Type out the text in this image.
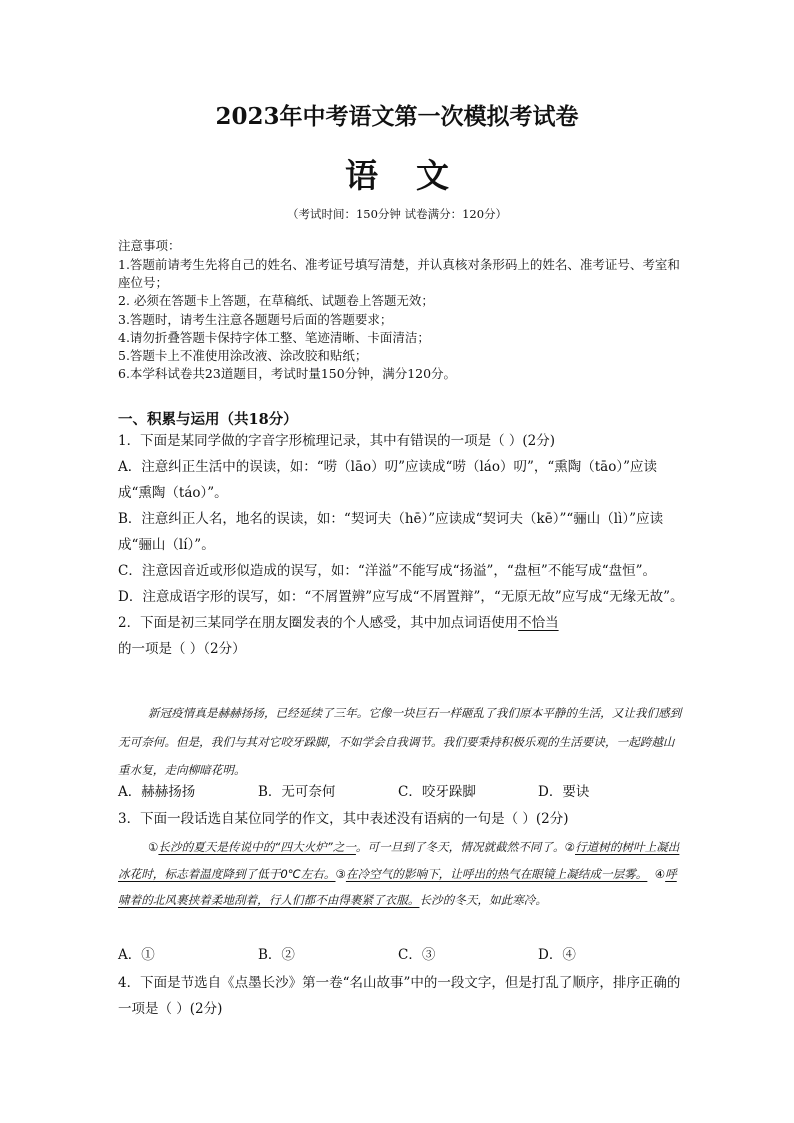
2023年中考语文第一次模拟考试卷
语文
（考试时间：150分钟 试卷满分：120分）
注意事项：
1.答题前请考生先将自己的姓名、准考证号填写清楚，并认真核对条形码上的姓名、准考证号、考室和座位号；
2. 必须在答题卡上答题，在草稿纸、试题卷上答题无效；
3.答题时，请考生注意各题题号后面的答题要求；
4.请勿折叠答题卡保持字体工整、笔迹清晰、卡面清洁；
5.答题卡上不准使用涂改液、涂改胶和贴纸；
6.本学科试卷共23道题目，考试时量150分钟，满分120分。
一、积累与运用（共18分）
1．下面是某同学做的字音字形梳理记录，其中有错误的一项是（ ）(2分)
A．注意纠正生活中的误读，如：“唠（lāo）叨”应读成“唠（láo）叨”，“熏陶（tāo）”应读成“熏陶（táo）”。
B．注意纠正人名，地名的误读，如：“契诃夫（hē）”应读成“契诃夫（kē）”“骊山（lì）”应读成“骊山（lí）”。
C．注意因音近或形似造成的误写，如：“洋溢”不能写成“扬溢”，“盘桓”不能写成“盘恒”。
D．注意成语字形的误写，如：“不屑置辨”应写成“不屑置辩”，“无原无故”应写成“无缘无故”。
2．下面是初三某同学在朋友圈发表的个人感受，其中加点词语使用不恰当的一项是（ ）（2分）
新冠疫情真是赫赫扬扬，已经延续了三年。它像一块巨石一样砸乱了我们原本平静的生活，又让我们感到无可奈何。但是，我们与其对它咬牙跺脚，不如学会自我调节。我们要秉持积极乐观的生活要诀，一起跨越山重水复，走向柳暗花明。
A．赫赫扬扬	B．无可奈何	C．咬牙跺脚	D．要诀
3．下面一段话选自某位同学的作文，其中表述没有语病的一句是（ ）(2分)
①长沙的夏天是传说中的“四大火炉”之一。可一旦到了冬天，情况就截然不同了。②行道树的树叶上凝出冰花时，标志着温度降到了低于0℃左右。③在冷空气的影响下，让呼出的热气在眼镜上凝结成一层雾。 ④呼啸着的北风裹挟着柔地刮着，行人们都不由得裹紧了衣服。长沙的冬天，如此寒冷。
A．①	B．②	C．③	D．④
4．下面是节选自《点墨长沙》第一卷“名山故事”中的一段文字，但是打乱了顺序，排序正确的一项是（ ）(2分)
